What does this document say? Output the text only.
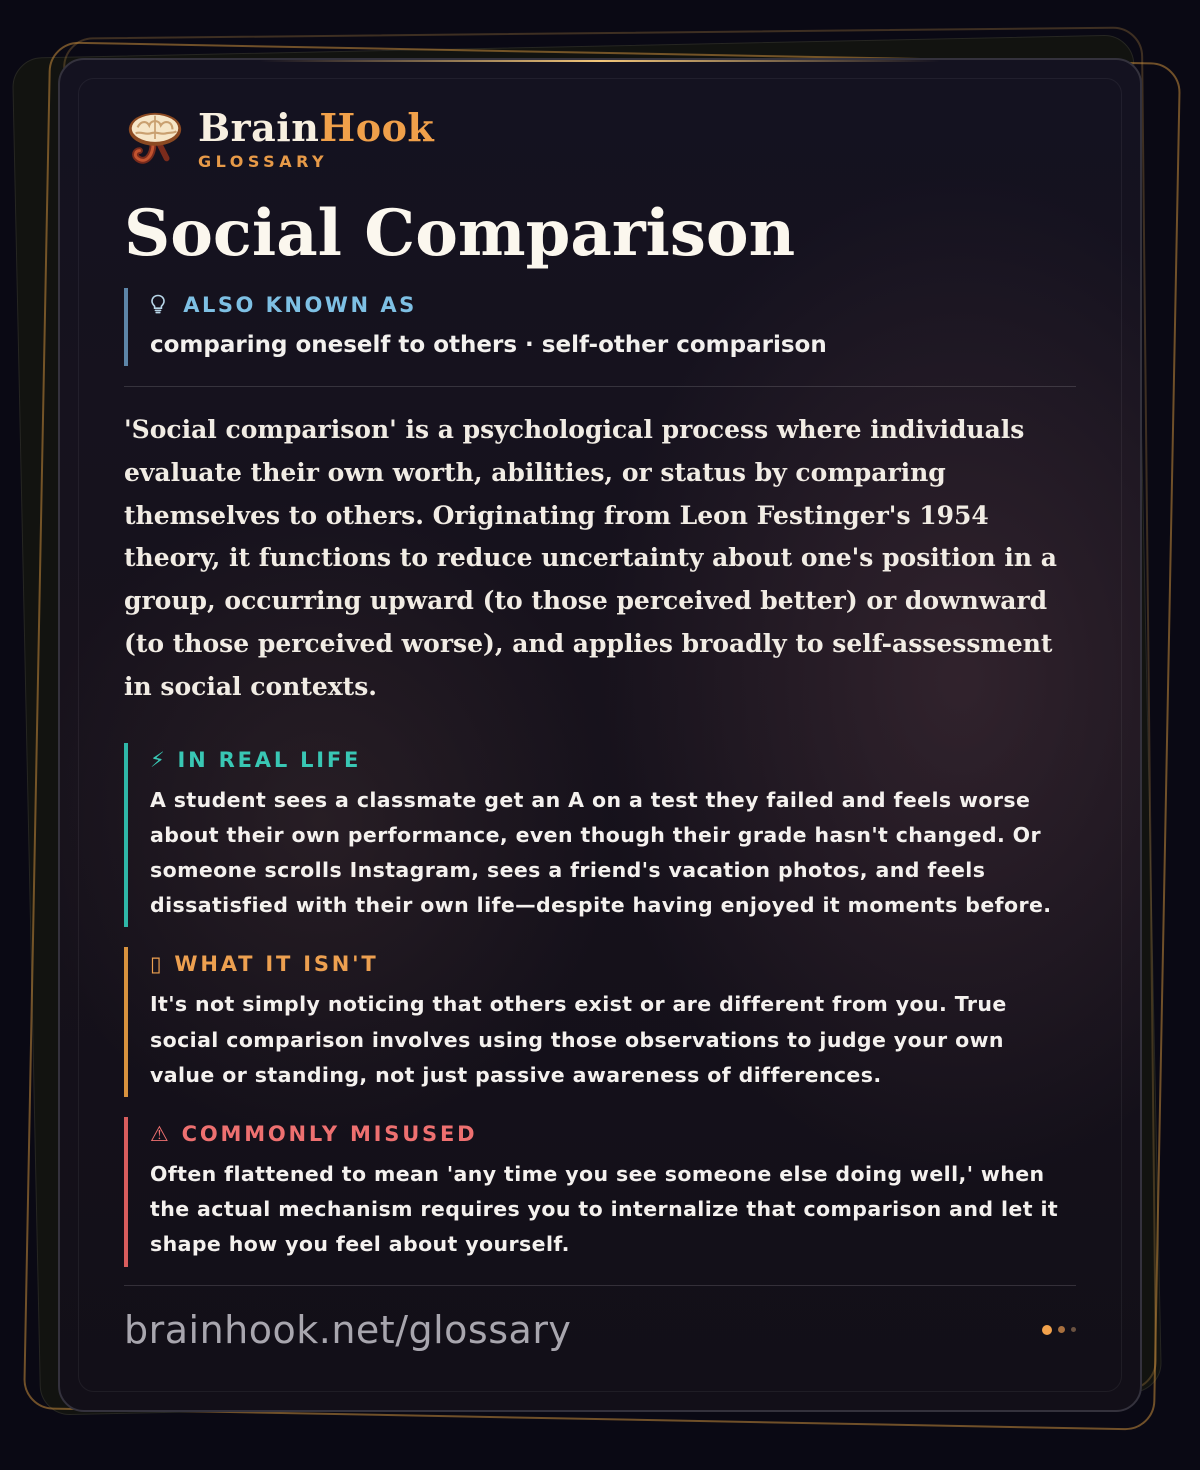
BrainHook
GLOSSARY
Social Comparison
ALSO KNOWN AS
comparing oneself to others · self-other comparison

'Social comparison' is a psychological process where individuals evaluate their own worth, abilities, or status by comparing themselves to others. Originating from Leon Festinger's 1954 theory, it functions to reduce uncertainty about one's position in a group, occurring upward (to those perceived better) or downward (to those perceived worse), and applies broadly to self-assessment in social contexts.

⚡ IN REAL LIFE
A student sees a classmate get an A on a test they failed and feels worse about their own performance, even though their grade hasn't changed. Or someone scrolls Instagram, sees a friend's vacation photos, and feels dissatisfied with their own life—despite having enjoyed it moments before.
▯ WHAT IT ISN'T
It's not simply noticing that others exist or are different from you. True social comparison involves using those observations to judge your own value or standing, not just passive awareness of differences.
⚠ COMMONLY MISUSED
Often flattened to mean 'any time you see someone else doing well,' when the actual mechanism requires you to internalize that comparison and let it shape how you feel about yourself.
brainhook.net/glossary
